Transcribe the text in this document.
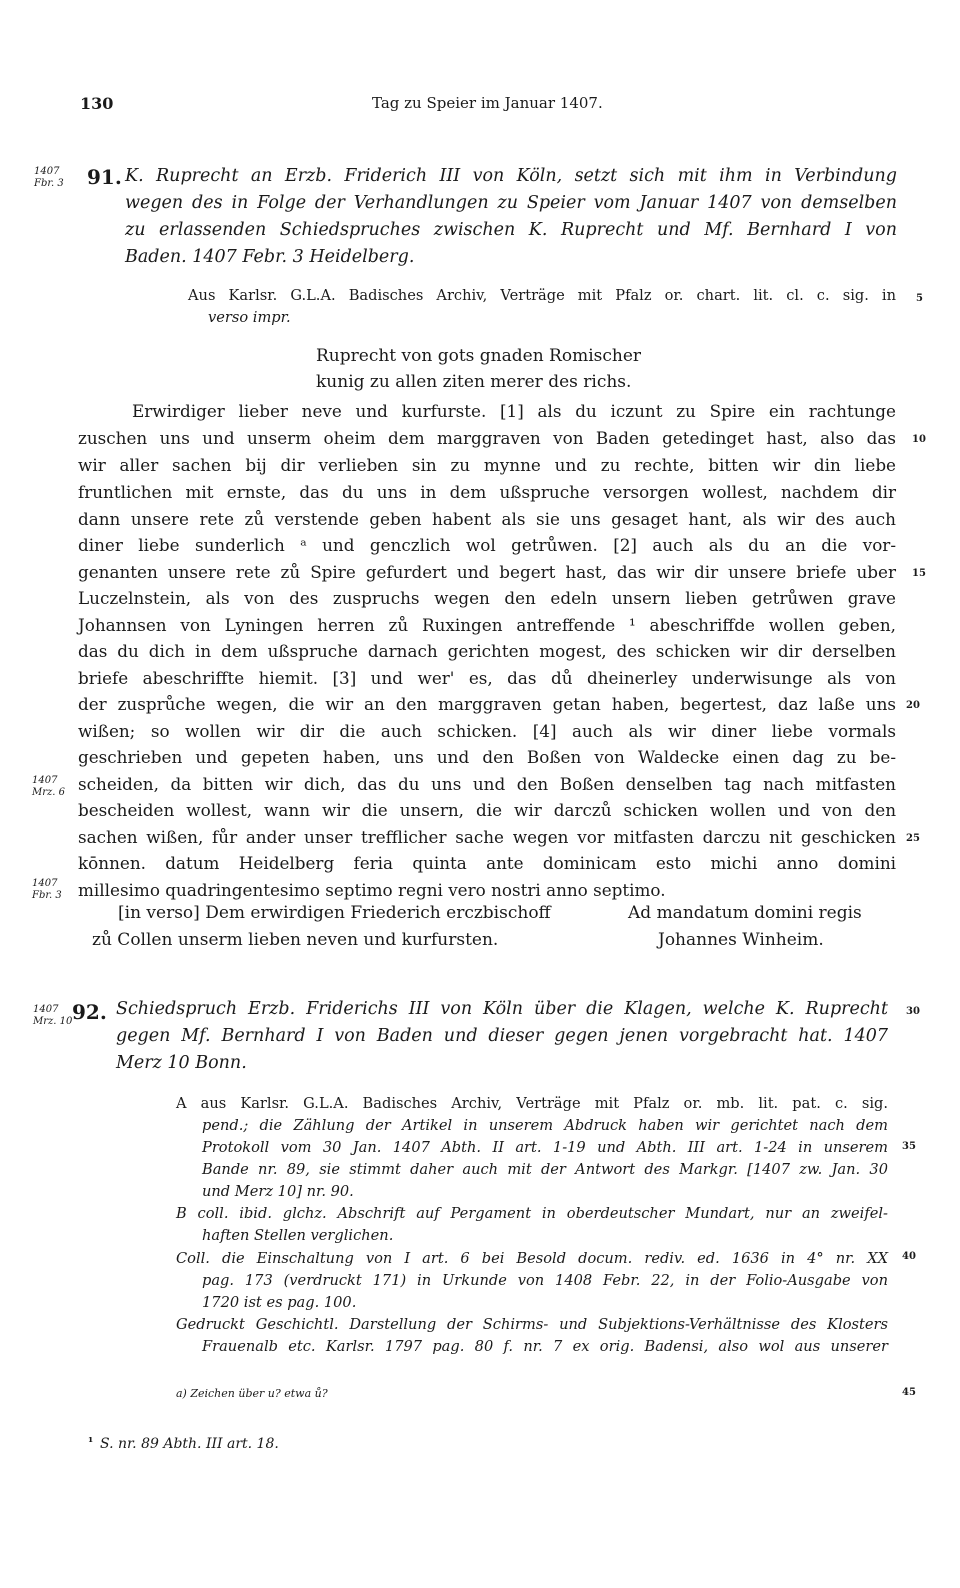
130	Tag zu Speier im Januar 1407.
1407
Fbr. 3 91. K. Ruprecht an Erzb. Friderich III von Köln, setzt sich mit ihm in Verbindung
wegen des in Folge der Verhandlungen zu Speier vom Januar 1407 von demselben
zu erlassenden Schiedspruches zwischen K. Ruprecht und Mf. Bernhard I von
Baden. 1407 Febr. 3 Heidelberg.
Aus Karlsr. G.L.A. Badisches Archiv, Verträge mit Pfalz or. chart. lit. cl. c. sig. in
verso impr.
Ruprecht von gots gnaden Romischer
kunig zu allen ziten merer des richs.
Erwirdiger lieber neve und kurfurste. [1] als du iczunt zu Spire ein rachtunge
zuschen uns und unserm oheim dem marggraven von Baden getedinget hast, also das
wir aller sachen bij dir verlieben sin zu mynne und zu rechte, bitten wir din liebe
fruntlichen mit ernste, das du uns in dem ußspruche versorgen wollest, nachdem dir
dann unsere rete zů verstende geben habent als sie uns gesaget hant, als wir des auch
diner liebe sunderlich ᵃ und genczlich wol getrůwen. [2] auch als du an die vor-
genanten unsere rete zů Spire gefurdert und begert hast, das wir dir unsere briefe uber
Luczelnstein, als von des zuspruchs wegen den edeln unsern lieben getrůwen grave
Johannsen von Lyningen herren zů Ruxingen antreffende ¹ abeschriffde wollen geben,
das du dich in dem ußspruche darnach gerichten mogest, des schicken wir dir derselben
briefe abeschriffte hiemit. [3] und wer' es, das dů dheinerley underwisunge als von
der zusprůche wegen, die wir an den marggraven getan haben, begertest, daz laße uns
wißen; so wollen wir dir die auch schicken. [4] auch als wir diner liebe vormals
geschrieben und gepeten haben, uns und den Boßen von Waldecke einen dag zu be-
scheiden, da bitten wir dich, das du uns und den Boßen denselben tag nach mitfasten
bescheiden wollest, wann wir die unsern, die wir darczů schicken wollen und von den
sachen wißen, fůr ander unser trefflicher sache wegen vor mitfasten darczu nit geschicken
kōnnen. datum Heidelberg feria quinta ante dominicam esto michi anno domini
millesimo quadringentesimo septimo regni vero nostri anno septimo.
1407
Mrz. 6
1407
Fbr. 3
[in verso] Dem erwirdigen Friederich erczbischoff
zů Collen unserm lieben neven und kurfursten.
Ad mandatum domini regis
Johannes Winheim.
1407
Mrz. 10 92. Schiedspruch Erzb. Friderichs III von Köln über die Klagen, welche K. Ruprecht
gegen Mf. Bernhard I von Baden und dieser gegen jenen vorgebracht hat. 1407
Merz 10 Bonn.
A aus Karlsr. G.L.A. Badisches Archiv, Verträge mit Pfalz or. mb. lit. pat. c. sig.
pend.; die Zählung der Artikel in unserem Abdruck haben wir gerichtet nach dem
Protokoll vom 30 Jan. 1407 Abth. II art. 1-19 und Abth. III art. 1-24 in unserem
Bande nr. 89, sie stimmt daher auch mit der Antwort des Markgr. [1407 zw. Jan. 30
und Merz 10] nr. 90.
B coll. ibid. glchz. Abschrift auf Pergament in oberdeutscher Mundart, nur an zweifel-
haften Stellen verglichen.
Coll. die Einschaltung von I art. 6 bei Besold docum. rediv. ed. 1636 in 4° nr. XX
pag. 173 (verdruckt 171) in Urkunde von 1408 Febr. 22, in der Folio-Ausgabe von
1720 ist es pag. 100.
Gedruckt Geschichtl. Darstellung der Schirms- und Subjektions-Verhältnisse des Klosters
Frauenalb etc. Karlsr. 1797 pag. 80 f. nr. 7 ex orig. Badensi, also wol aus unserer
5
10
15
20
25
30
35
40
45
a) Zeichen über u? etwa ů?
¹ S. nr. 89 Abth. III art. 18.
